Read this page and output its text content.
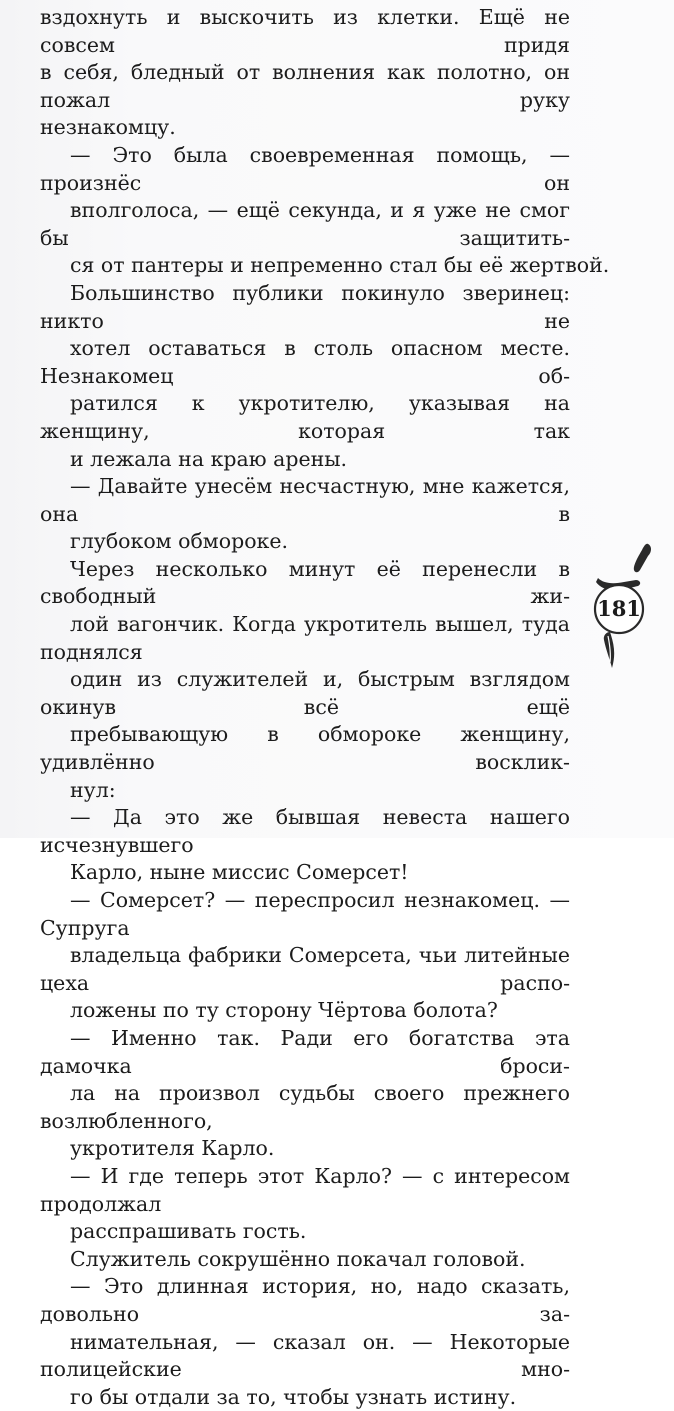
вздохнуть и выскочить из клетки. Ещё не совсем придя
в себя, бледный от волнения как полотно, он пожал руку
незнакомцу.

— Это была своевременная помощь, — произнёс он
вполголоса, — ещё секунда, и я уже не смог бы защитить-
ся от пантеры и непременно стал бы её жертвой.

Большинство публики покинуло зверинец: никто не
хотел оставаться в столь опасном месте. Незнакомец об-
ратился к укротителю, указывая на женщину, которая так
и лежала на краю арены.

— Давайте унесём несчастную, мне кажется, она в
глубоком обмороке.

Через несколько минут её перенесли в свободный жи-
лой вагончик. Когда укротитель вышел, туда поднялся
один из служителей и, быстрым взглядом окинув всё ещё
пребывающую в обмороке женщину, удивлённо восклик-
нул:

— Да это же бывшая невеста нашего исчезнувшего
Карло, ныне миссис Сомерсет!

— Сомерсет? — переспросил незнакомец. — Супруга
владельца фабрики Сомерсета, чьи литейные цеха распо-
ложены по ту сторону Чёртова болота?

— Именно так. Ради его богатства эта дамочка броси-
ла на произвол судьбы своего прежнего возлюбленного,
укротителя Карло.

— И где теперь этот Карло? — с интересом продолжал
расспрашивать гость.

Служитель сокрушённо покачал головой.

— Это длинная история, но, надо сказать, довольно за-
нимательная, — сказал он. — Некоторые полицейские мно-
го бы отдали за то, чтобы узнать истину.

181
